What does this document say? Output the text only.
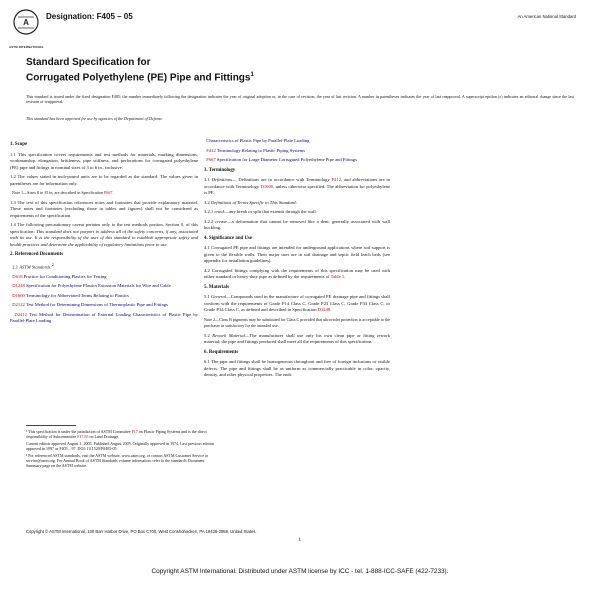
A
ASTM INTERNATIONAL
Designation: F405 – 05	An American National Standard
Standard Specification for
Corrugated Polyethylene (PE) Pipe and Fittings$^1$
This standard is issued under the fixed designation F405; the number immediately following the designation indicates the year of original adoption or, in the case of revision, the year of last revision. A number in parentheses indicates the year of last reapproval. A superscript epsilon (ε) indicates an editorial change since the last revision or reapproval.
This standard has been approved for use by agencies of the Department of Defense.
1. Scope

1.1 This specification covers requirements and test methods for materials, marking dimensions, workmanship, elongation, brittleness, pipe stiffness, and perforations for corrugated polyethylene (PE) pipe and fittings in nominal sizes of 3 to 6 in., inclusive.

1.2 The values stated in inch-pound units are to be regarded as the standard. The values given in parentheses are for information only.

Note 1—Sizes 8 to 15 in. are described in Specification F667.

1.3 The text of this specification references notes and footnotes that provide explanatory material. These notes and footnotes (excluding those in tables and figures) shall not be considered as requirements of the specification.

1.4 The following precautionary caveat pertains only to the test methods portion, Section 8, of this specification: This standard does not purport to address all of the safety concerns, if any, associated with its use. It is the responsibility of the user of this standard to establish appropriate safety and health practices and determine the applicability of regulatory limitations prior to use.

2. Referenced Documents

2.1 ASTM Standards:$^2$

D618 Practice for Conditioning Plastics for Testing

D1248 Specification for Polyethylene Plastics Extrusion Materials for Wire and Cable

D1600 Terminology for Abbreviated Terms Relating to Plastics

D2122 Test Method for Determining Dimensions of Thermoplastic Pipe and Fittings

D2412 Test Method for Determination of External Loading Characteristics of Plastic Pipe by Parallel-Plate Loading

¹ This specification is under the jurisdiction of ASTM Committee F17 on Plastic Piping Systems and is the direct responsibility of Subcommittee F17.65 on Land Drainage.

Current edition approved August 1, 2005. Published August 2005. Originally approved in 1974. Last previous edition approved in 1997 as F405 – 97. DOI: 10.1520/F0405-05.

² For referenced ASTM standards, visit the ASTM website, www.astm.org, or contact ASTM Customer Service at service@astm.org. For Annual Book of ASTM Standards volume information, refer to the standard's Document Summary page on the ASTM website.

Characteristics of Plastic Pipe by Parallel-Plate Loading

F412 Terminology Relating to Plastic Piping Systems

F667 Specification for Large Diameter Corrugated Polyethylene Pipe and Fittings

3. Terminology

3.1 Definitions— Definitions are in accordance with Terminology F412, and abbreviations are in accordance with Terminology D1600, unless otherwise specified. The abbreviation for polyethylene is PE.

3.2 Definitions of Terms Specific to This Standard:

3.2.1 crack—any break or split that extends through the wall.

3.2.2 crease—a deformation that cannot be removed like a dent; generally associated with wall buckling.

4. Significance and Use

4.1 Corrugated PE pipe and fittings are intended for underground applications where soil support is given to the flexible walls. Their major uses are in soil drainage and septic field leach beds (see appendix for installation guidelines).

4.2 Corrugated fittings complying with the requirements of this specification may be used with either standard or heavy-duty pipe as defined by the requirements of Table 1.

5. Materials

5.1 General—Compounds used in the manufacture of corrugated PE drainage pipe and fittings shall conform with the requirements of Grade P14 Class C, Grade P23 Class C, Grade P33 Class C, or Grade P34 Class C, as defined and described in Specification D1248.

Note 2—Class B pigments may be substituted for Class C provided that ultraviolet protection is acceptable to the purchaser as satisfactory for the intended use.

5.2 Rework Material—The manufacturer shall use only his own clean pipe or fitting rework material; the pipe and fittings produced shall meet all the requirements of this specification.

6. Requirements

6.1 The pipe and fittings shall be homogeneous throughout and free of foreign inclusions or visible defects. The pipe and fittings shall be as uniform as commercially practicable in color, opacity, density, and other physical properties. The ends

Copyright © ASTM International, 100 Barr Harbor Drive, PO Box C700, West Conshohocken, PA 19428-2959, United States.
1
Copyright ASTM International. Distributed under ASTM license by ICC - tel. 1-888-ICC-SAFE (422-7233).
